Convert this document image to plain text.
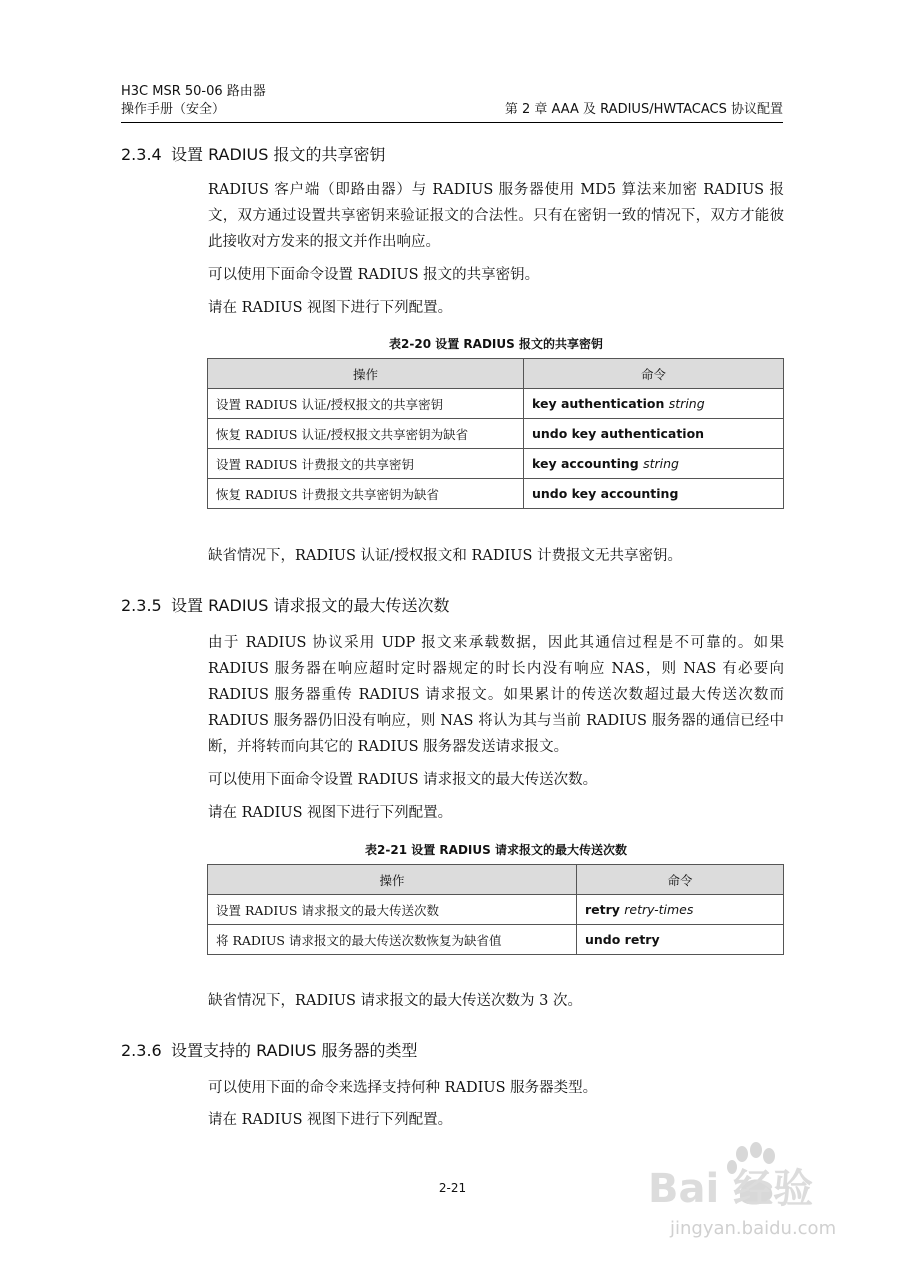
H3C MSR 50-06 路由器
操作手册（安全）	第 2 章 AAA 及 RADIUS/HWTACACS 协议配置
2.3.4 设置 RADIUS 报文的共享密钥

RADIUS 客户端（即路由器）与 RADIUS 服务器使用 MD5 算法来加密 RADIUS 报文，双方通过设置共享密钥来验证报文的合法性。只有在密钥一致的情况下，双方才能彼此接收对方发来的报文并作出响应。

可以使用下面命令设置 RADIUS 报文的共享密钥。

请在 RADIUS 视图下进行下列配置。

表2-20 设置 RADIUS 报文的共享密钥
操作	命令
设置 RADIUS 认证/授权报文的共享密钥	key authentication string
恢复 RADIUS 认证/授权报文共享密钥为缺省	undo key authentication
设置 RADIUS 计费报文的共享密钥	key accounting string
恢复 RADIUS 计费报文共享密钥为缺省	undo key accounting

缺省情况下，RADIUS 认证/授权报文和 RADIUS 计费报文无共享密钥。

2.3.5 设置 RADIUS 请求报文的最大传送次数

由于 RADIUS 协议采用 UDP 报文来承载数据，因此其通信过程是不可靠的。如果 RADIUS 服务器在响应超时定时器规定的时长内没有响应 NAS，则 NAS 有必要向 RADIUS 服务器重传 RADIUS 请求报文。如果累计的传送次数超过最大传送次数而 RADIUS 服务器仍旧没有响应，则 NAS 将认为其与当前 RADIUS 服务器的通信已经中断，并将转而向其它的 RADIUS 服务器发送请求报文。

可以使用下面命令设置 RADIUS 请求报文的最大传送次数。

请在 RADIUS 视图下进行下列配置。

表2-21 设置 RADIUS 请求报文的最大传送次数
操作	命令
设置 RADIUS 请求报文的最大传送次数	retry retry-times
将 RADIUS 请求报文的最大传送次数恢复为缺省值	undo retry

缺省情况下，RADIUS 请求报文的最大传送次数为 3 次。

2.3.6 设置支持的 RADIUS 服务器的类型

可以使用下面的命令来选择支持何种 RADIUS 服务器类型。

请在 RADIUS 视图下进行下列配置。

2-21	Bai 经验
jingyan.baidu.com
